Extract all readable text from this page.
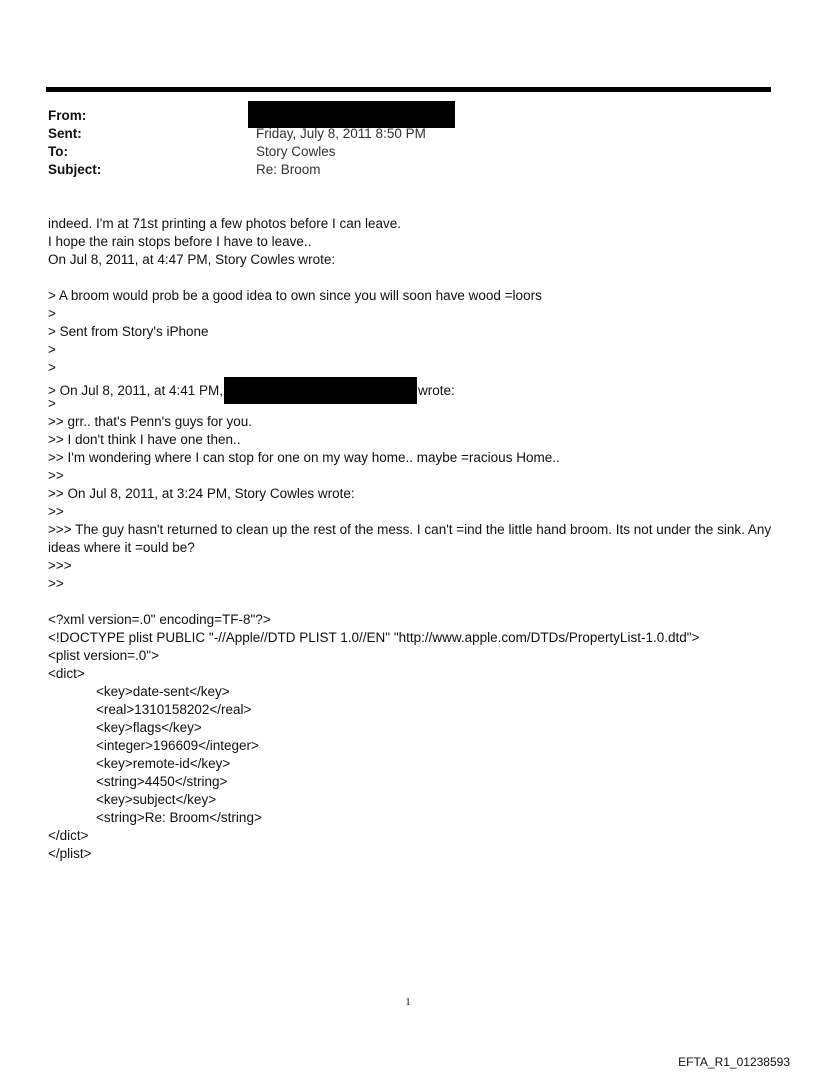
From:
Sent:	Friday, July 8, 2011 8:50 PM
To:	Story Cowles
Subject:	Re: Broom
indeed. I'm at 71st printing a few photos before I can leave.
I hope the rain stops before I have to leave..
On Jul 8, 2011, at 4:47 PM, Story Cowles wrote:
> A broom would prob be a good idea to own since you will soon have wood =loors
>
> Sent from Story's iPhone
>
>
> On Jul 8, 2011, at 4:41 PM,	wrote:
>
>> grr.. that's Penn's guys for you.
>> I don't think I have one then..
>> I'm wondering where I can stop for one on my way home.. maybe =racious Home..
>>
>> On Jul 8, 2011, at 3:24 PM, Story Cowles wrote:
>>
>>> The guy hasn't returned to clean up the rest of the mess. I can't =ind the little hand broom. Its not under the sink. Any ideas where it =ould be?
>>>
>>
<?xml version=.0" encoding=TF-8"?>
<!DOCTYPE plist PUBLIC "-//Apple//DTD PLIST 1.0//EN" "http://www.apple.com/DTDs/PropertyList-1.0.dtd">
<plist version=.0">
<dict>
<key>date-sent</key>
<real>1310158202</real>
<key>flags</key>
<integer>196609</integer>
<key>remote-id</key>
<string>4450</string>
<key>subject</key>
<string>Re: Broom</string>
</dict>
</plist>
1
EFTA_R1_01238593
